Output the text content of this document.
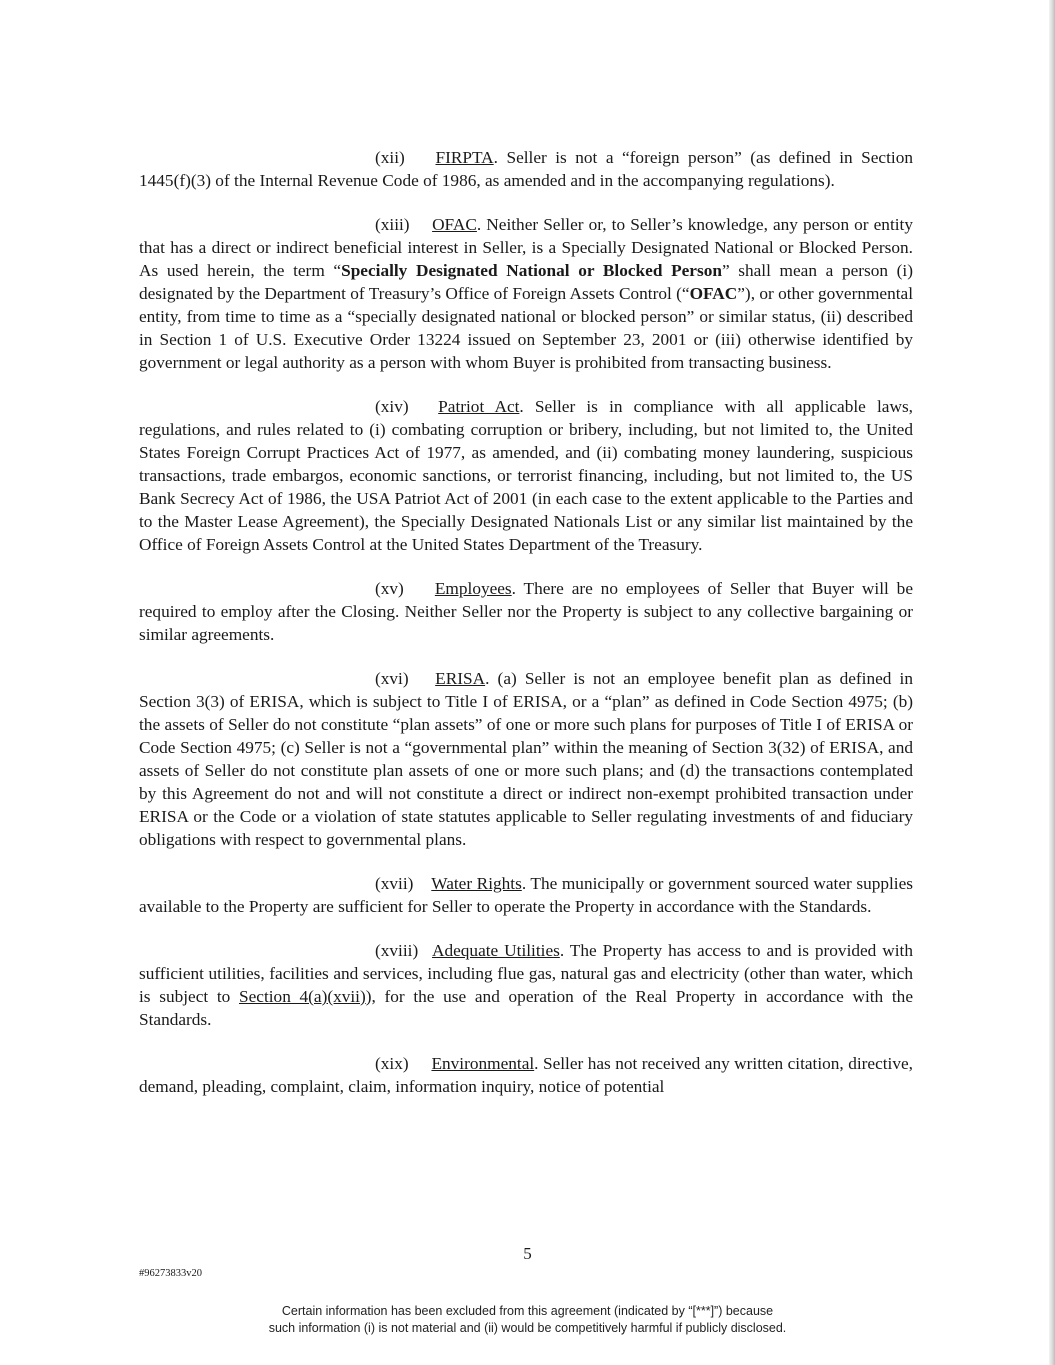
(xii) FIRPTA. Seller is not a “foreign person” (as defined in Section 1445(f)(3) of the Internal Revenue Code of 1986, as amended and in the accompanying regulations).

(xiii) OFAC. Neither Seller or, to Seller’s knowledge, any person or entity that has a direct or indirect beneficial interest in Seller, is a Specially Designated National or Blocked Person. As used herein, the term “Specially Designated National or Blocked Person” shall mean a person (i) designated by the Department of Treasury’s Office of Foreign Assets Control (“OFAC”), or other governmental entity, from time to time as a “specially designated national or blocked person” or similar status, (ii) described in Section 1 of U.S. Executive Order 13224 issued on September 23, 2001 or (iii) otherwise identified by government or legal authority as a person with whom Buyer is prohibited from transacting business.

(xiv) Patriot Act. Seller is in compliance with all applicable laws, regulations, and rules related to (i) combating corruption or bribery, including, but not limited to, the United States Foreign Corrupt Practices Act of 1977, as amended, and (ii) combating money laundering, suspicious transactions, trade embargos, economic sanctions, or terrorist financing, including, but not limited to, the US Bank Secrecy Act of 1986, the USA Patriot Act of 2001 (in each case to the extent applicable to the Parties and to the Master Lease Agreement), the Specially Designated Nationals List or any similar list maintained by the Office of Foreign Assets Control at the United States Department of the Treasury.

(xv) Employees. There are no employees of Seller that Buyer will be required to employ after the Closing. Neither Seller nor the Property is subject to any collective bargaining or similar agreements.

(xvi) ERISA. (a) Seller is not an employee benefit plan as defined in Section 3(3) of ERISA, which is subject to Title I of ERISA, or a “plan” as defined in Code Section 4975; (b) the assets of Seller do not constitute “plan assets” of one or more such plans for purposes of Title I of ERISA or Code Section 4975; (c) Seller is not a “governmental plan” within the meaning of Section 3(32) of ERISA, and assets of Seller do not constitute plan assets of one or more such plans; and (d) the transactions contemplated by this Agreement do not and will not constitute a direct or indirect non-exempt prohibited transaction under ERISA or the Code or a violation of state statutes applicable to Seller regulating investments of and fiduciary obligations with respect to governmental plans.

(xvii) Water Rights. The municipally or government sourced water supplies available to the Property are sufficient for Seller to operate the Property in accordance with the Standards.

(xviii) Adequate Utilities. The Property has access to and is provided with sufficient utilities, facilities and services, including flue gas, natural gas and electricity (other than water, which is subject to Section 4(a)(xvii)), for the use and operation of the Real Property in accordance with the Standards.

(xix) Environmental. Seller has not received any written citation, directive, demand, pleading, complaint, claim, information inquiry, notice of potential

5
#96273833v20
Certain information has been excluded from this agreement (indicated by “[***]”) because
such information (i) is not material and (ii) would be competitively harmful if publicly disclosed.
